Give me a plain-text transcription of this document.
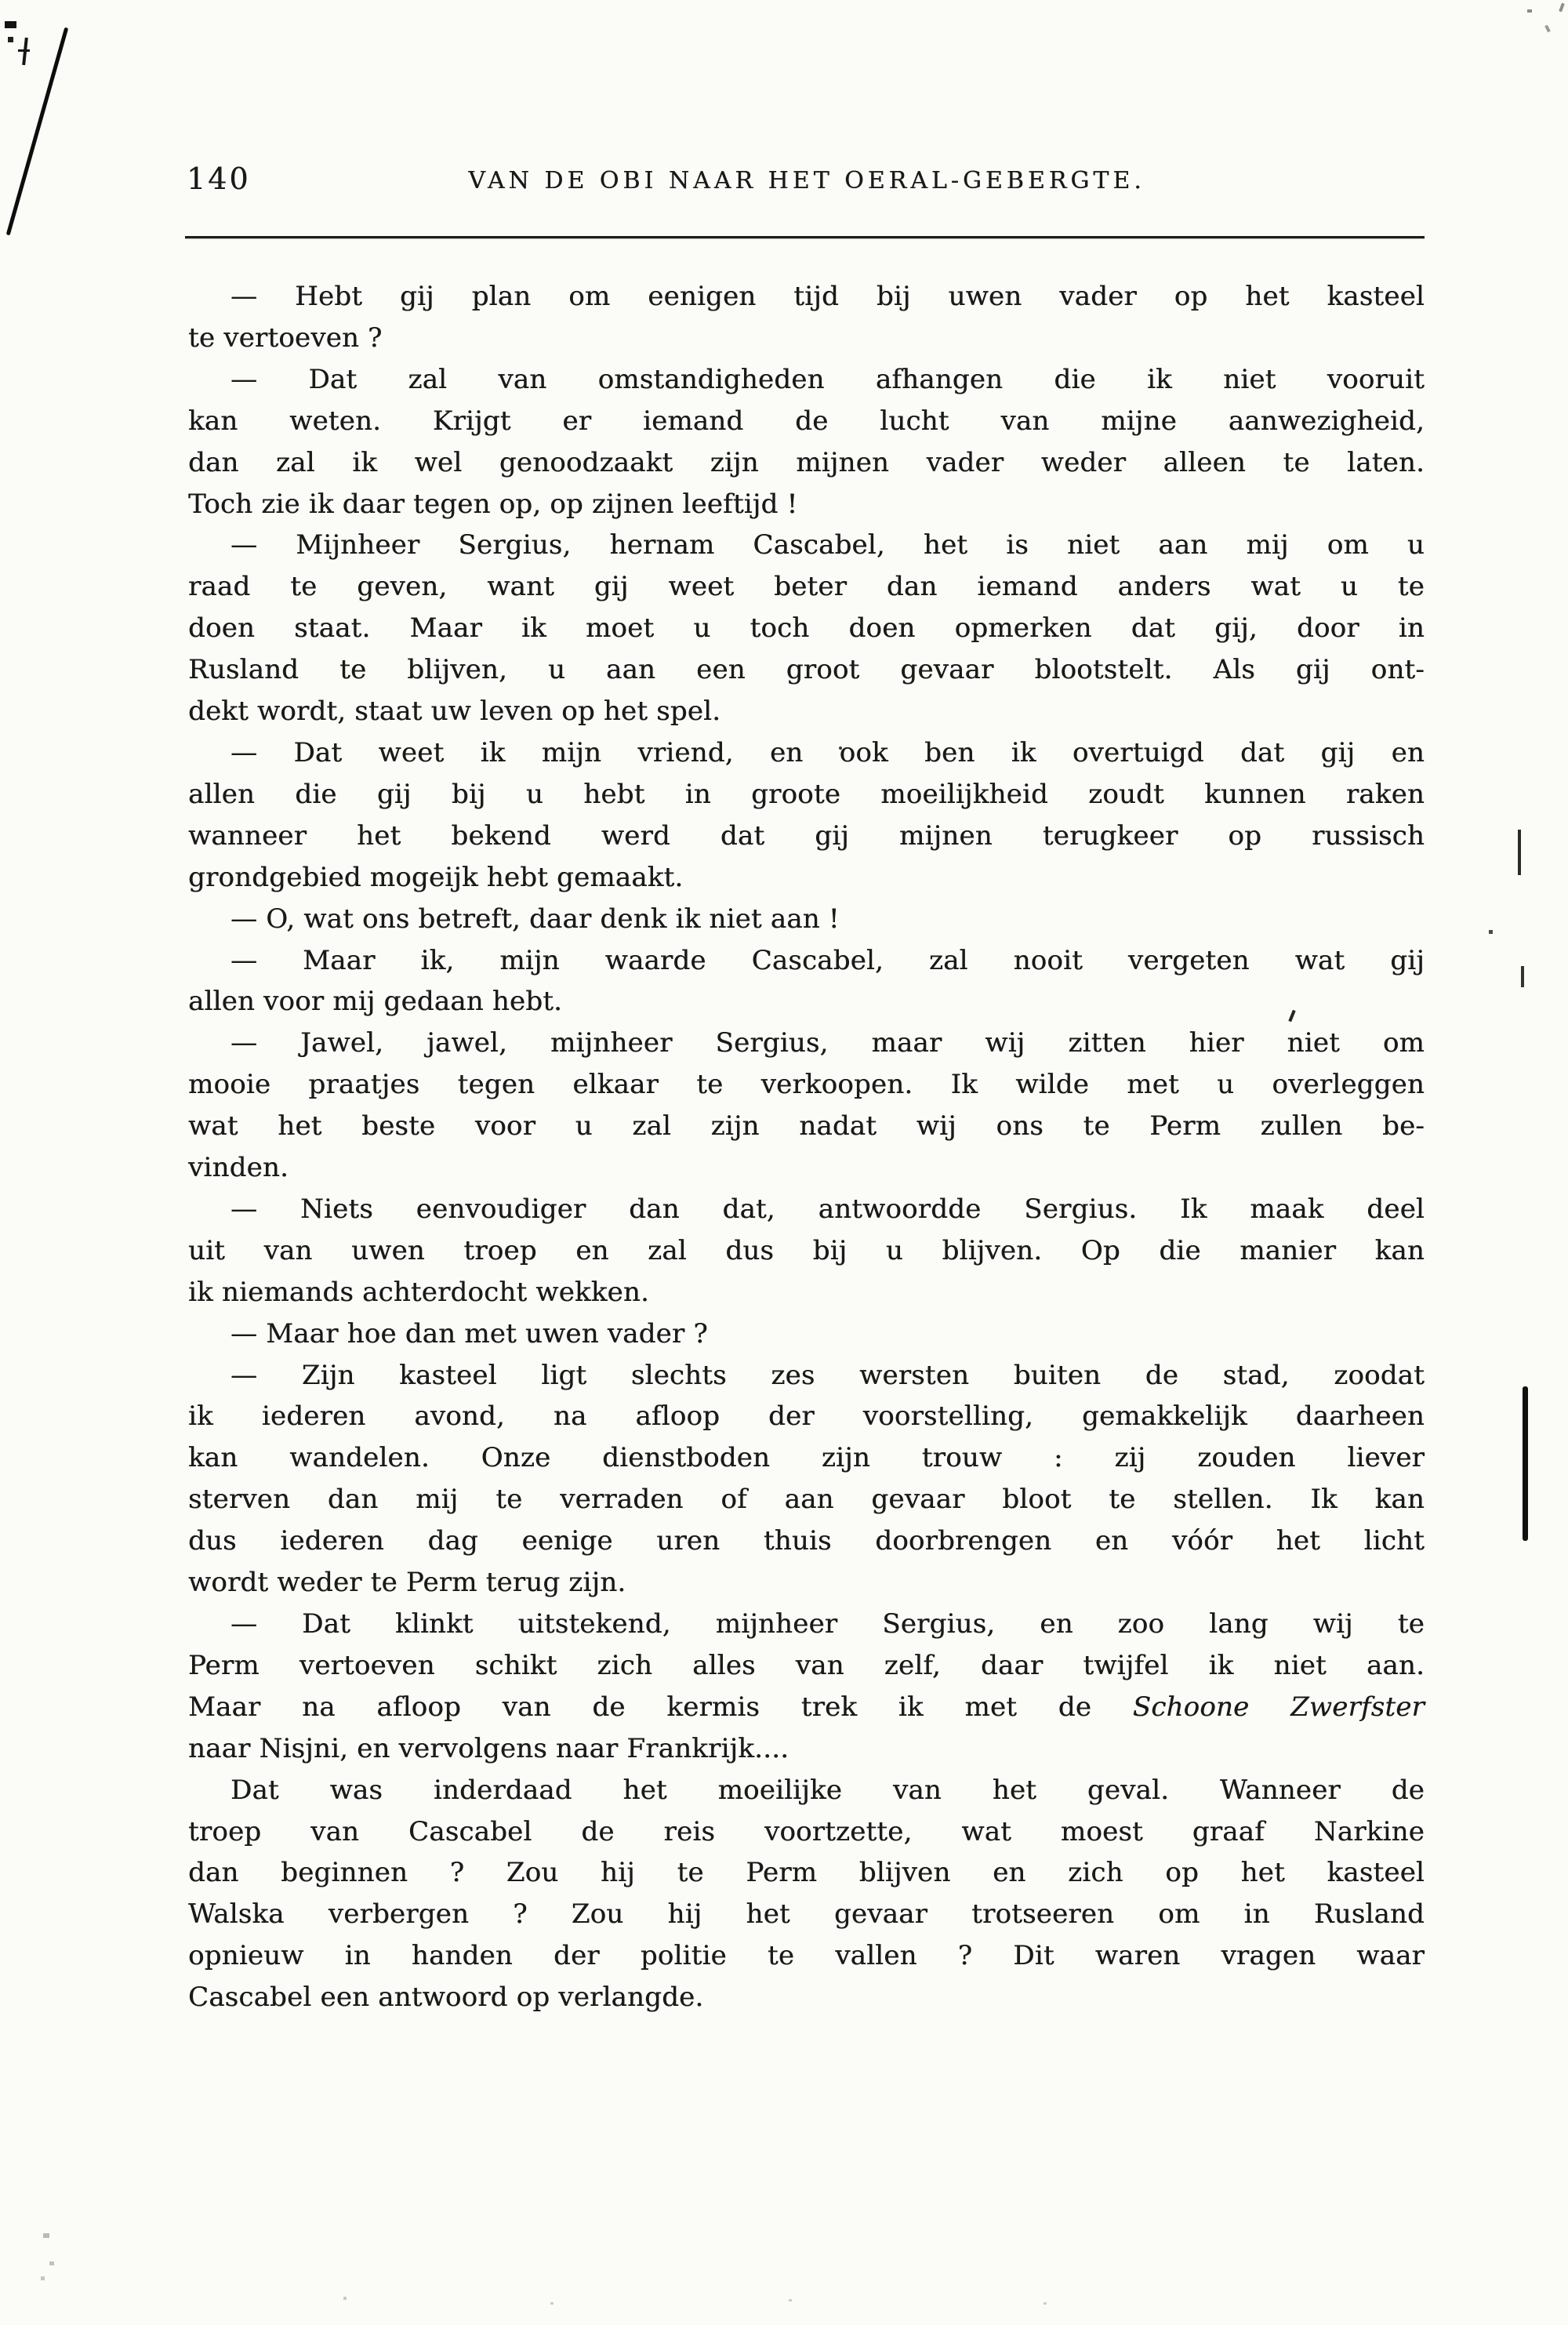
140	VAN DE OBI NAAR HET OERAL-GEBERGTE.
— Hebt gij plan om eenigen tijd bij uwen vader op het kasteel
te vertoeven ?
— Dat zal van omstandigheden afhangen die ik niet vooruit
kan weten. Krijgt er iemand de lucht van mijne aanwezigheid,
dan zal ik wel genoodzaakt zijn mijnen vader weder alleen te laten.
Toch zie ik daar tegen op, op zijnen leeftijd !
— Mijnheer Sergius, hernam Cascabel, het is niet aan mij om u
raad te geven, want gij weet beter dan iemand anders wat u te
doen staat. Maar ik moet u toch doen opmerken dat gij, door in
Rusland te blijven, u aan een groot gevaar blootstelt. Als gij ont-
dekt wordt, staat uw leven op het spel.
— Dat weet ik mijn vriend, en ook ben ik overtuigd dat gij en
allen die gij bij u hebt in groote moeilijkheid zoudt kunnen raken
wanneer het bekend werd dat gij mijnen terugkeer op russisch
grondgebied mogeijk hebt gemaakt.
— O, wat ons betreft, daar denk ik niet aan !
— Maar ik, mijn waarde Cascabel, zal nooit vergeten wat gij
allen voor mij gedaan hebt.
— Jawel, jawel, mijnheer Sergius, maar wij zitten hier niet om
mooie praatjes tegen elkaar te verkoopen. Ik wilde met u overleggen
wat het beste voor u zal zijn nadat wij ons te Perm zullen be-
vinden.
— Niets eenvoudiger dan dat, antwoordde Sergius. Ik maak deel
uit van uwen troep en zal dus bij u blijven. Op die manier kan
ik niemands achterdocht wekken.
— Maar hoe dan met uwen vader ?
— Zijn kasteel ligt slechts zes wersten buiten de stad, zoodat
ik iederen avond, na afloop der voorstelling, gemakkelijk daarheen
kan wandelen. Onze dienstboden zijn trouw : zij zouden liever
sterven dan mij te verraden of aan gevaar bloot te stellen. Ik kan
dus iederen dag eenige uren thuis doorbrengen en vóór het licht
wordt weder te Perm terug zijn.
— Dat klinkt uitstekend, mijnheer Sergius, en zoo lang wij te
Perm vertoeven schikt zich alles van zelf, daar twijfel ik niet aan.
Maar na afloop van de kermis trek ik met de Schoone Zwerfster
naar Nisjni, en vervolgens naar Frankrijk....
Dat was inderdaad het moeilijke van het geval. Wanneer de
troep van Cascabel de reis voortzette, wat moest graaf Narkine
dan beginnen ? Zou hij te Perm blijven en zich op het kasteel
Walska verbergen ? Zou hij het gevaar trotseeren om in Rusland
opnieuw in handen der politie te vallen ? Dit waren vragen waar
Cascabel een antwoord op verlangde.
